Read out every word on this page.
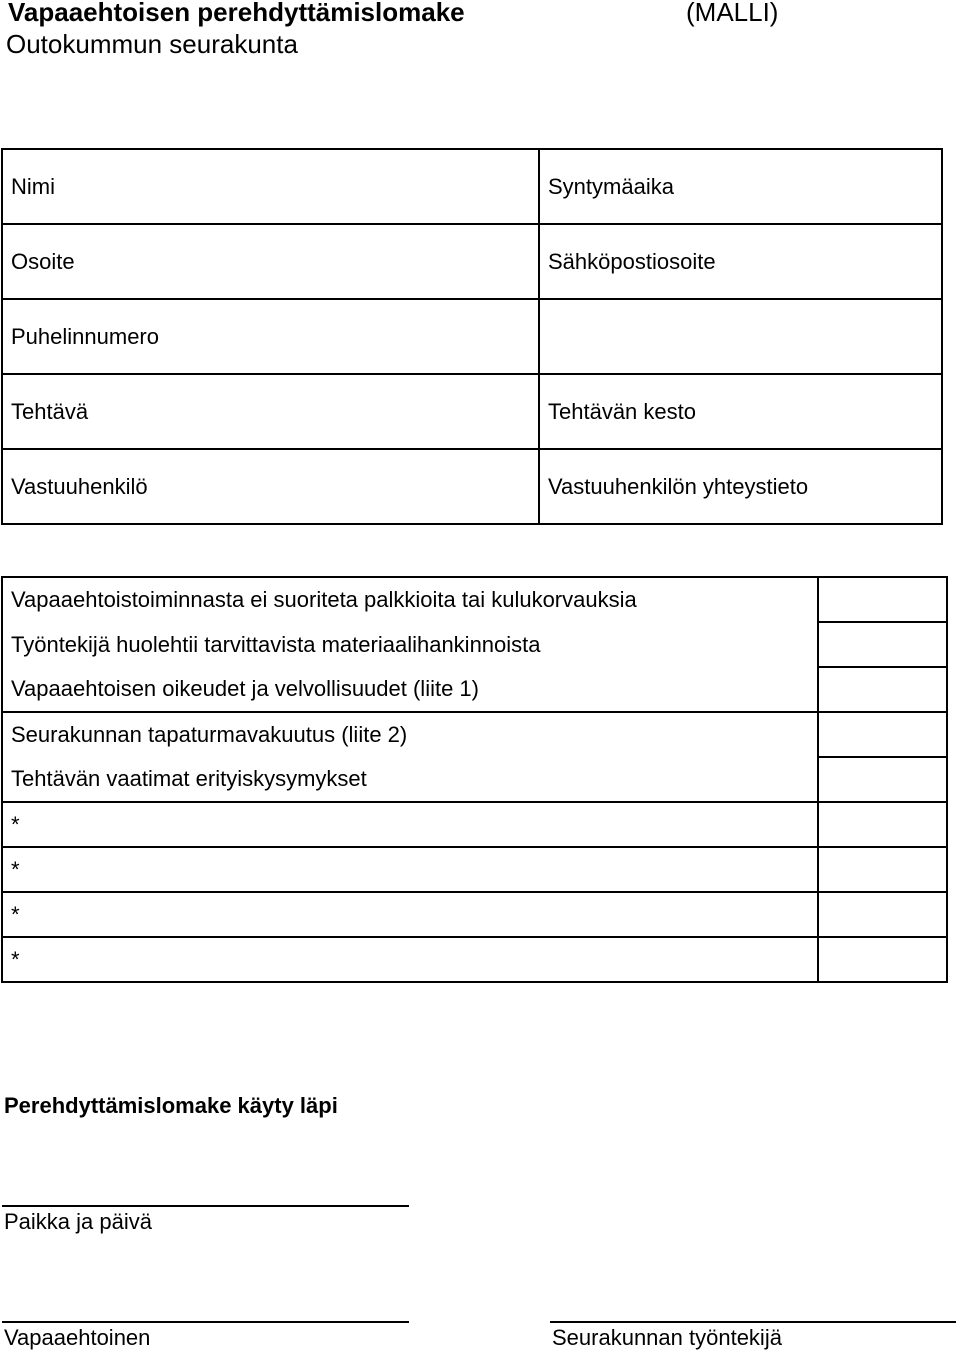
Vapaaehtoisen perehdyttämislomake	(MALLI)
Outokummun seurakunta
Nimi	Syntymäaika
Osoite	Sähköpostiosoite
Puhelinnumero	
Tehtävä	Tehtävän kesto
Vastuuhenkilö	Vastuuhenkilön yhteystieto
Vapaaehtoistoiminnasta ei suoriteta palkkioita tai kulukorvauksia	
Työntekijä huolehtii tarvittavista materiaalihankinnoista	
Vapaaehtoisen oikeudet ja velvollisuudet (liite 1)	
Seurakunnan tapaturmavakuutus (liite 2)	
Tehtävän vaatimat erityiskysymykset	
*	
*	
*	
*	
Perehdyttämislomake käyty läpi
Paikka ja päivä
Vapaaehtoinen	Seurakunnan työntekijä
